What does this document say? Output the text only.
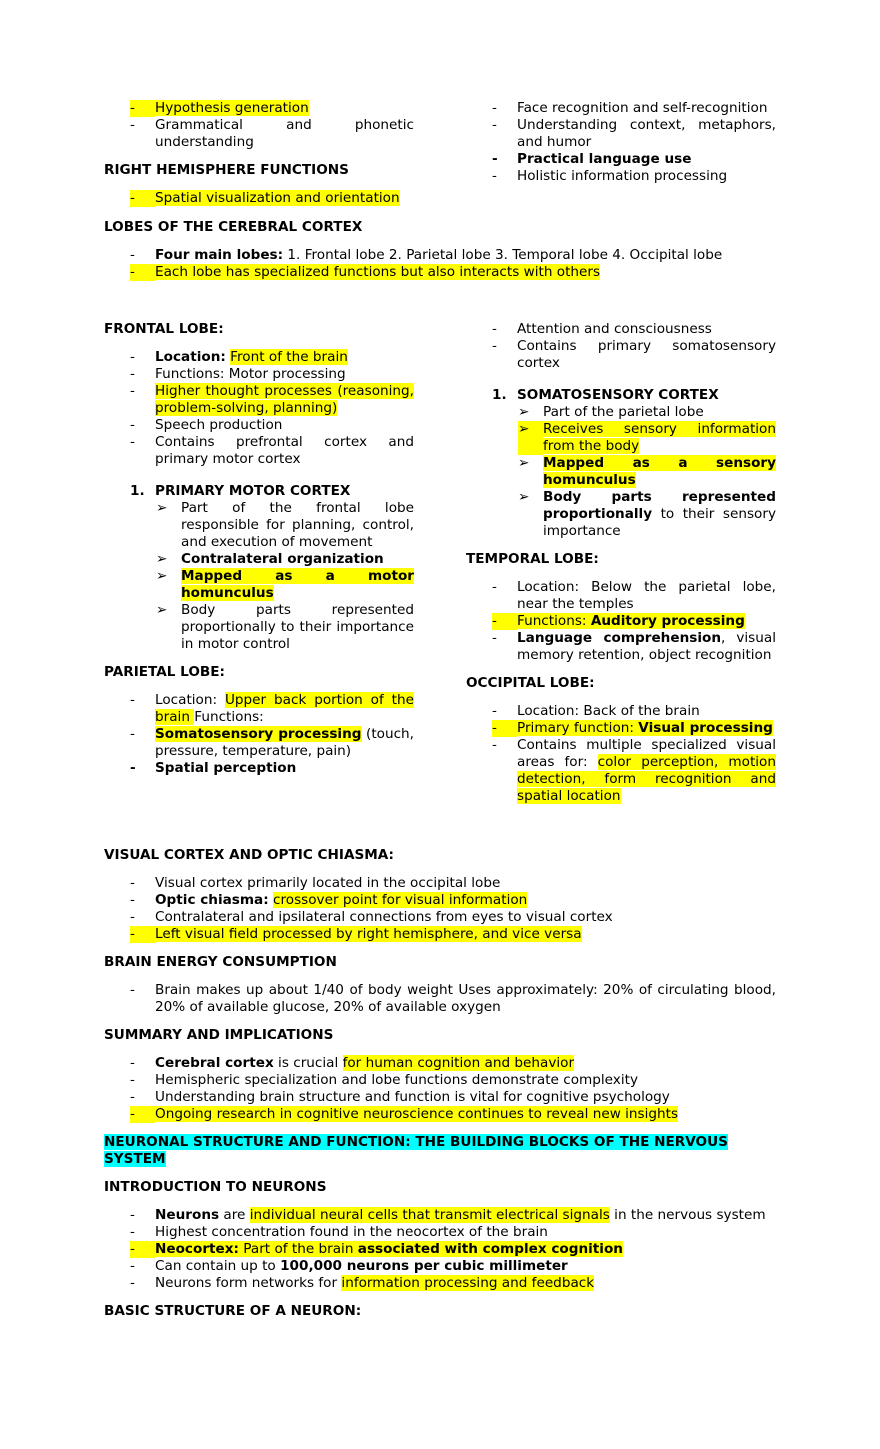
-	Hypothesis generation
-	Grammatical and phonetic understanding
RIGHT HEMISPHERE FUNCTIONS
-	Spatial visualization and orientation
-	Face recognition and self-recognition
-	Understanding context, metaphors, and humor
-	Practical language use
-	Holistic information processing
LOBES OF THE CEREBRAL CORTEX
-	Four main lobes: 1. Frontal lobe 2. Parietal lobe 3. Temporal lobe 4. Occipital lobe
-	Each lobe has specialized functions but also interacts with others
FRONTAL LOBE:
-	Location: Front of the brain
-	Functions: Motor processing
-	Higher thought processes (reasoning, problem-solving, planning)
-	Speech production
-	Contains prefrontal cortex and primary motor cortex
1. PRIMARY MOTOR CORTEX
➢	Part of the frontal lobe responsible for planning, control, and execution of movement
➢	Contralateral organization
➢	Mapped as a motor homunculus
➢	Body parts represented proportionally to their importance in motor control
PARIETAL LOBE:
-	Location: Upper back portion of the brain Functions:
-	Somatosensory processing (touch, pressure, temperature, pain)
-	Spatial perception
-	Attention and consciousness
-	Contains primary somatosensory cortex
1. SOMATOSENSORY CORTEX
➢	Part of the parietal lobe
➢	Receives sensory information from the body
➢	Mapped as a sensory homunculus
➢	Body parts represented proportionally to their sensory importance
TEMPORAL LOBE:
-	Location: Below the parietal lobe, near the temples
-	Functions: Auditory processing
-	Language comprehension, visual memory retention, object recognition
OCCIPITAL LOBE:
-	Location: Back of the brain
-	Primary function: Visual processing
-	Contains multiple specialized visual areas for: color perception, motion detection, form recognition and spatial location
VISUAL CORTEX AND OPTIC CHIASMA:
-	Visual cortex primarily located in the occipital lobe
-	Optic chiasma: crossover point for visual information
-	Contralateral and ipsilateral connections from eyes to visual cortex
-	Left visual field processed by right hemisphere, and vice versa
BRAIN ENERGY CONSUMPTION
-	Brain makes up about 1/40 of body weight Uses approximately: 20% of circulating blood, 20% of available glucose, 20% of available oxygen
SUMMARY AND IMPLICATIONS
-	Cerebral cortex is crucial for human cognition and behavior
-	Hemispheric specialization and lobe functions demonstrate complexity
-	Understanding brain structure and function is vital for cognitive psychology
-	Ongoing research in cognitive neuroscience continues to reveal new insights
NEURONAL STRUCTURE AND FUNCTION: THE BUILDING BLOCKS OF THE NERVOUS SYSTEM
INTRODUCTION TO NEURONS
-	Neurons are individual neural cells that transmit electrical signals in the nervous system
-	Highest concentration found in the neocortex of the brain
-	Neocortex: Part of the brain associated with complex cognition
-	Can contain up to 100,000 neurons per cubic millimeter
-	Neurons form networks for information processing and feedback
BASIC STRUCTURE OF A NEURON:
